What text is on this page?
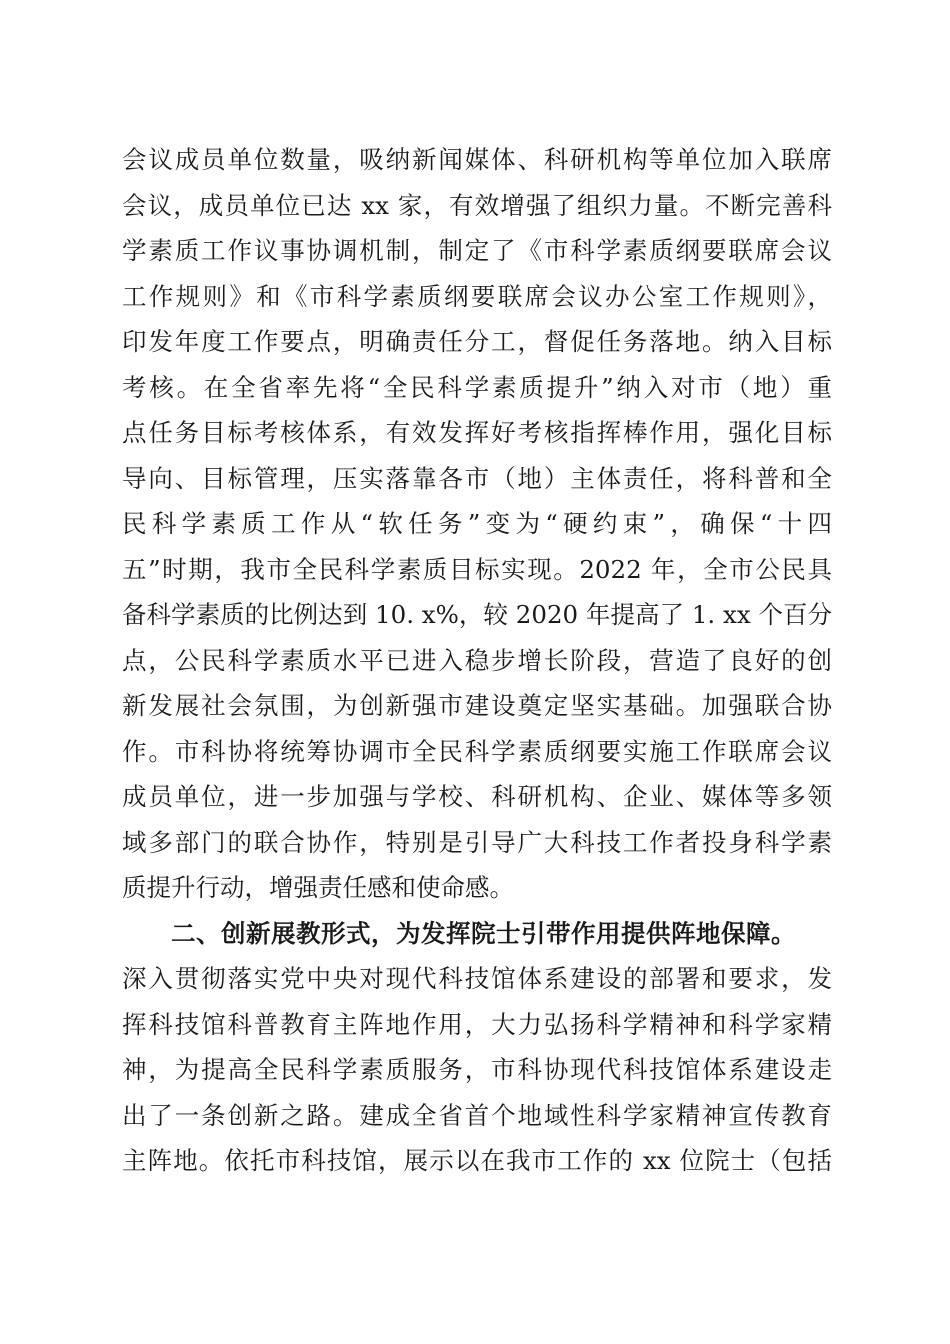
会议成员单位数量，吸纳新闻媒体、科研机构等单位加入联席
会议，成员单位已达 xx 家，有效增强了组织力量。不断完善科
学素质工作议事协调机制，制定了《市科学素质纲要联席会议
工作规则》和《市科学素质纲要联席会议办公室工作规则》，
印发年度工作要点，明确责任分工，督促任务落地。纳入目标
考核。在全省率先将“全民科学素质提升”纳入对市（地）重
点任务目标考核体系，有效发挥好考核指挥棒作用，强化目标
导向、目标管理，压实落靠各市（地）主体责任，将科普和全
民科学素质工作从“软任务”变为“硬约束”，确保“十四
五”时期，我市全民科学素质目标实现。2022 年，全市公民具
备科学素质的比例达到 10. x%，较 2020 年提高了 1. xx 个百分
点，公民科学素质水平已进入稳步增长阶段，营造了良好的创
新发展社会氛围，为创新强市建设奠定坚实基础。加强联合协
作。市科协将统筹协调市全民科学素质纲要实施工作联席会议
成员单位，进一步加强与学校、科研机构、企业、媒体等多领
域多部门的联合协作，特别是引导广大科技工作者投身科学素
质提升行动，增强责任感和使命感。
二、创新展教形式，为发挥院士引带作用提供阵地保障。
深入贯彻落实党中央对现代科技馆体系建设的部署和要求，发
挥科技馆科普教育主阵地作用，大力弘扬科学精神和科学家精
神，为提高全民科学素质服务，市科协现代科技馆体系建设走
出了一条创新之路。建成全省首个地域性科学家精神宣传教育
主阵地。依托市科技馆，展示以在我市工作的 xx 位院士（包括
